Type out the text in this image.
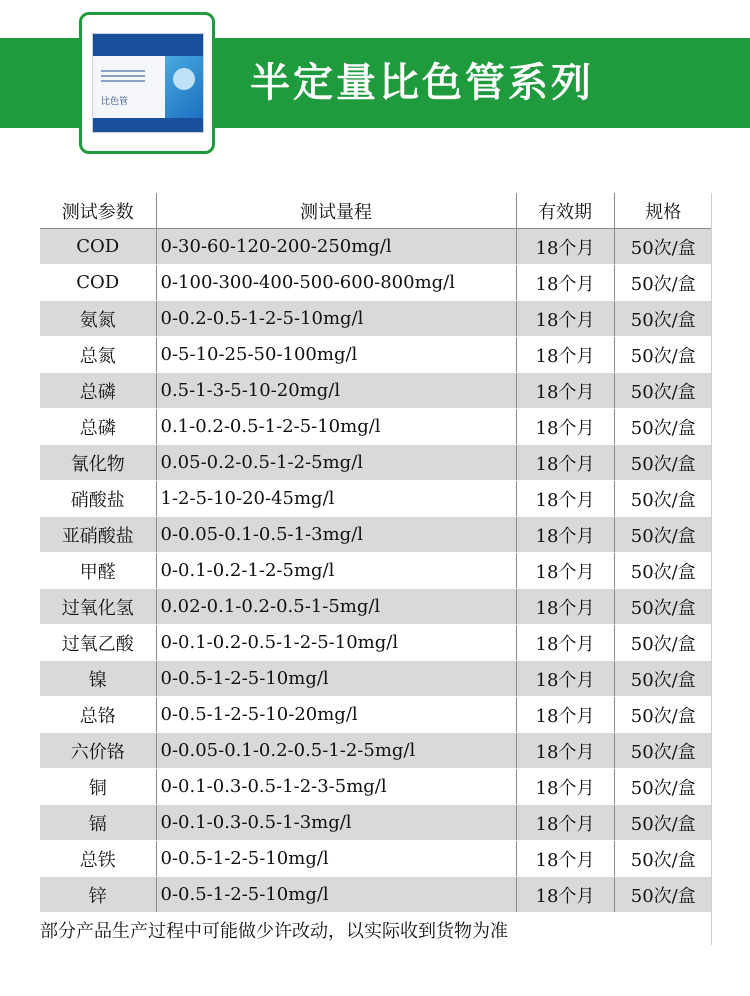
半定量比色管系列
比色管
测试参数	测试量程	有效期	规格
COD	0-30-60-120-200-250mg/l	18个月	50次/盒
COD	0-100-300-400-500-600-800mg/l	18个月	50次/盒
氨氮	0-0.2-0.5-1-2-5-10mg/l	18个月	50次/盒
总氮	0-5-10-25-50-100mg/l	18个月	50次/盒
总磷	0.5-1-3-5-10-20mg/l	18个月	50次/盒
总磷	0.1-0.2-0.5-1-2-5-10mg/l	18个月	50次/盒
氰化物	0.05-0.2-0.5-1-2-5mg/l	18个月	50次/盒
硝酸盐	1-2-5-10-20-45mg/l	18个月	50次/盒
亚硝酸盐	0-0.05-0.1-0.5-1-3mg/l	18个月	50次/盒
甲醛	0-0.1-0.2-1-2-5mg/l	18个月	50次/盒
过氧化氢	0.02-0.1-0.2-0.5-1-5mg/l	18个月	50次/盒
过氧乙酸	0-0.1-0.2-0.5-1-2-5-10mg/l	18个月	50次/盒
镍	0-0.5-1-2-5-10mg/l	18个月	50次/盒
总铬	0-0.5-1-2-5-10-20mg/l	18个月	50次/盒
六价铬	0-0.05-0.1-0.2-0.5-1-2-5mg/l	18个月	50次/盒
铜	0-0.1-0.3-0.5-1-2-3-5mg/l	18个月	50次/盒
镉	0-0.1-0.3-0.5-1-3mg/l	18个月	50次/盒
总铁	0-0.5-1-2-5-10mg/l	18个月	50次/盒
锌	0-0.5-1-2-5-10mg/l	18个月	50次/盒
部分产品生产过程中可能做少许改动，以实际收到货物为准
